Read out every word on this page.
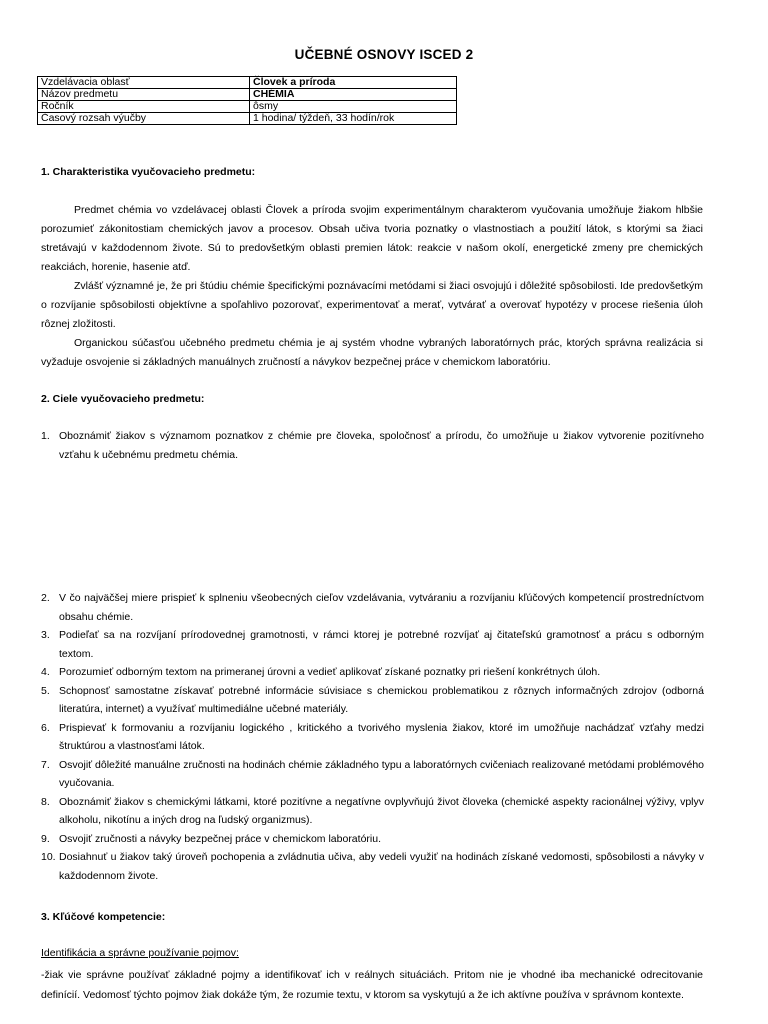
UČEBNÉ OSNOVY ISCED 2
Vzdelávacia oblasť	Človek a príroda
Názov predmetu	CHÉMIA
Ročník	ôsmy
Časový rozsah výučby	1 hodina/ týždeň, 33 hodín/rok
1. Charakteristika vyučovacieho predmetu:

Predmet chémia vo vzdelávacej oblasti Človek a príroda svojim experimentálnym charakterom vyučovania umožňuje žiakom hlbšie porozumieť zákonitostiam chemických javov a procesov. Obsah učiva tvoria poznatky o vlastnostiach a použití látok, s ktorými sa žiaci stretávajú v každodennom živote. Sú to predovšetkým oblasti premien látok: reakcie v našom okolí, energetické zmeny pre chemických reakciách, horenie, hasenie atď.

Zvlášť významné je, že pri štúdiu chémie špecifickými poznávacími metódami si žiaci osvojujú i dôležité spôsobilosti. Ide predovšetkým o rozvíjanie spôsobilosti objektívne a spoľahlivo pozorovať, experimentovať a merať, vytvárať a overovať hypotézy v procese riešenia úloh rôznej zložitosti.

Organickou súčasťou učebného predmetu chémia je aj systém vhodne vybraných laboratórnych prác, ktorých správna realizácia si vyžaduje osvojenie si základných manuálnych zručností a návykov bezpečnej práce v chemickom laboratóriu.

2. Ciele vyučovacieho predmetu:
1. Oboznámiť žiakov s významom poznatkov z chémie pre človeka, spoločnosť a prírodu, čo umožňuje u žiakov vytvorenie pozitívneho vzťahu k učebnému predmetu chémia.
2. V čo najväčšej miere prispieť k splneniu všeobecných cieľov vzdelávania, vytváraniu a rozvíjaniu kľúčových kompetencií prostredníctvom obsahu chémie.
3. Podieľať sa na rozvíjaní prírodovednej gramotnosti, v rámci ktorej je potrebné rozvíjať aj čitateľskú gramotnosť a prácu s odborným textom.
4. Porozumieť odborným textom na primeranej úrovni a vedieť aplikovať získané poznatky pri riešení konkrétnych úloh.
5. Schopnosť samostatne získavať potrebné informácie súvisiace s chemickou problematikou z rôznych informačných zdrojov (odborná literatúra, internet) a využívať multimediálne učebné materiály.
6. Prispievať k formovaniu a rozvíjaniu logického , kritického a tvorivého myslenia žiakov, ktoré im umožňuje nachádzať vzťahy medzi štruktúrou a vlastnosťami látok.
7. Osvojiť dôležité manuálne zručnosti na hodinách chémie základného typu a laboratórnych cvičeniach realizované metódami problémového vyučovania.
8. Oboznámiť žiakov s chemickými látkami, ktoré pozitívne a negatívne ovplyvňujú život človeka (chemické aspekty racionálnej výživy, vplyv alkoholu, nikotínu a iných drog na ľudský organizmus).
9. Osvojiť zručnosti a návyky bezpečnej práce v chemickom laboratóriu.
10. Dosiahnuť u žiakov taký úroveň pochopenia a zvládnutia učiva, aby vedeli využiť na hodinách získané vedomosti, spôsobilosti a návyky v každodennom živote.
3. Kľúčové kompetencie:
Identifikácia a správne používanie pojmov:
-žiak vie správne používať základné pojmy a identifikovať ich v reálnych situáciách. Pritom nie je vhodné iba mechanické odrecitovanie definícií. Vedomosť týchto pojmov žiak dokáže tým, že rozumie textu, v ktorom sa vyskytujú a že ich aktívne používa v správnom kontexte.
